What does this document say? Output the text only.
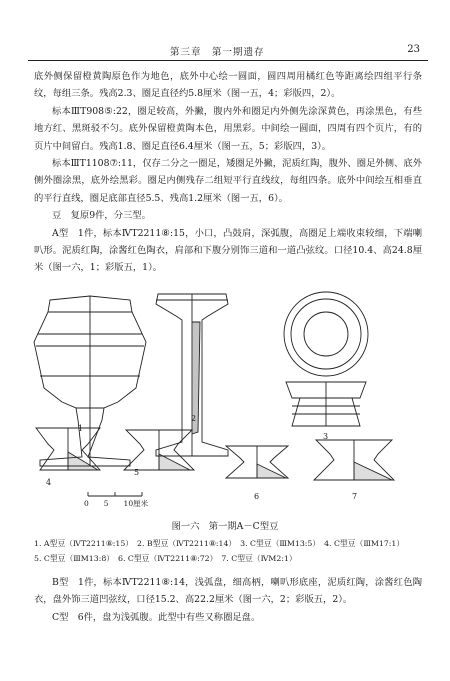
第三章　第一期遗存	23

底外侧保留橙黄陶原色作为地色，底外中心绘一圆面，圆四周用橘红色等距离绘四组平行条纹，每组三条。残高2.3、圈足直径约5.8厘米（图一五，4；彩版四，2）。

标本ⅢT908⑤:22，圈足较高，外撇，腹内外和圈足内外侧先涂深黄色，再涂黑色，有些地方红、黑斑驳不匀。底外保留橙黄陶本色，用黑彩。中间绘一圆面，四周有四个页片，有的页片中间留白。残高1.8、圈足直径6.4厘米（图一五，5；彩版四，3）。

标本ⅢT1108⑦:11，仅存二分之一圈足，矮圈足外撇，泥质红陶，腹外、圈足外侧、底外侧外圈涂黑，底外绘黑彩。圈足内侧残存二组短平行直线纹，每组四条。底外中间绘互相垂直的平行直线，圈足底部直径5.5、残高1.2厘米（图一五，6）。

豆　复原9件，分三型。

A型　1件，标本ⅣT2211⑧:15，小口，凸鼓肩，深弧腹，高圈足上端收束较细，下端喇叭形。泥质红陶，涂酱红色陶衣，肩部和下腹分别饰三道和一道凸弦纹。口径10.4、高24.8厘米（图一六，1；彩版五，1）。

1
2
3
4
5
6	7
0　　5　　10厘米
图一六　第一期A－C型豆
1. A型豆（ⅣT2211⑧:15）　2. B型豆（ⅣT2211⑧:14）　3. C型豆（ⅢM13:5）　4. C型豆（ⅢM17:1）
5. C型豆（ⅢM13:8）　6. C型豆（ⅣT2211⑧:72）　7. C型豆（ⅣM2:1）

B型　1件，标本ⅣT2211⑧:14，浅弧盘，细高柄，喇叭形底座，泥质红陶，涂酱红色陶衣，盘外饰三道凹弦纹，口径15.2、高22.2厘米（图一六，2；彩版五，2）。

C型　6件，盘为浅弧腹。此型中有些又称圈足盘。
